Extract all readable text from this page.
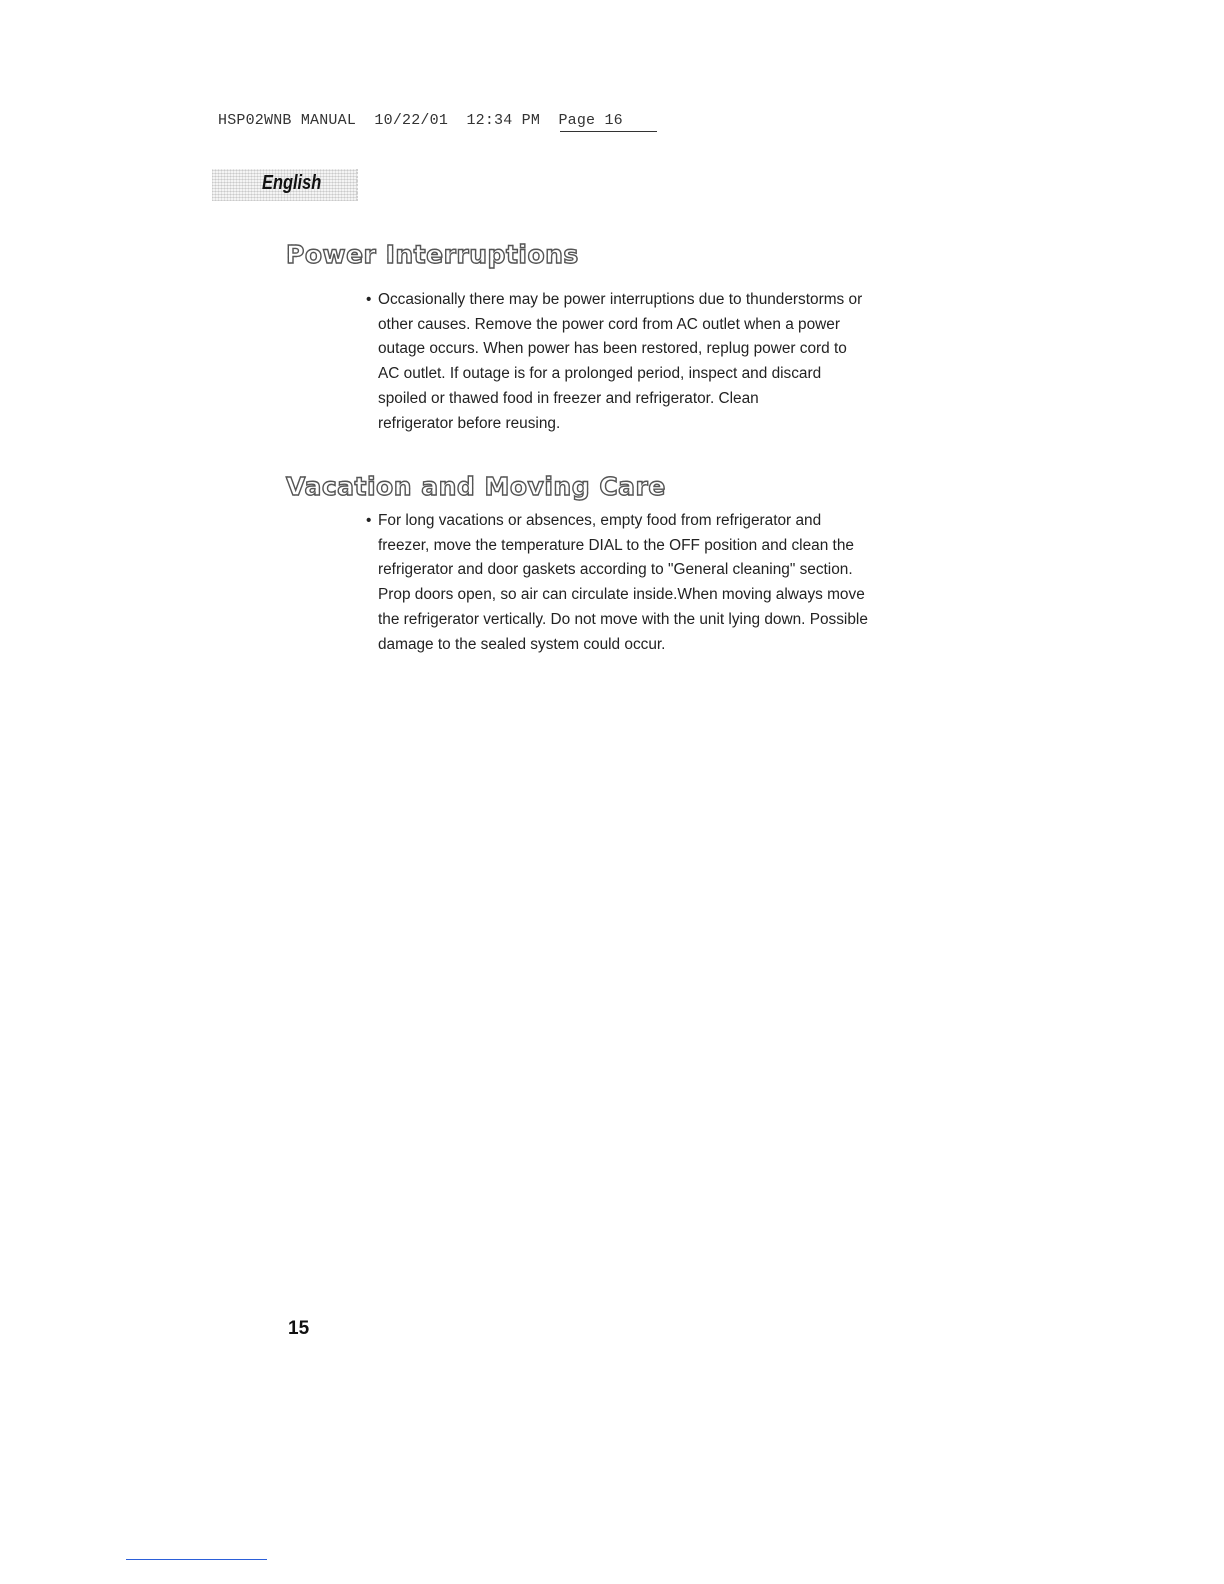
HSP02WNB MANUAL  10/22/01  12:34 PM  Page 16
English
Power Interruptions
• Occasionally there may be power interruptions due to thunderstorms or
other causes. Remove the power cord from AC outlet when a power
outage occurs. When power has been restored, replug power cord to
AC outlet. If outage is for a prolonged period, inspect and discard
spoiled or thawed food in freezer and refrigerator. Clean
refrigerator before reusing.
Vacation and Moving Care
• For long vacations or absences, empty food from refrigerator and
freezer, move the temperature DIAL to the OFF position and clean the
refrigerator and door gaskets according to "General cleaning" section.
Prop doors open, so air can circulate inside.When moving always move
the refrigerator vertically. Do not move with the unit lying down. Possible
damage to the sealed system could occur.
15
